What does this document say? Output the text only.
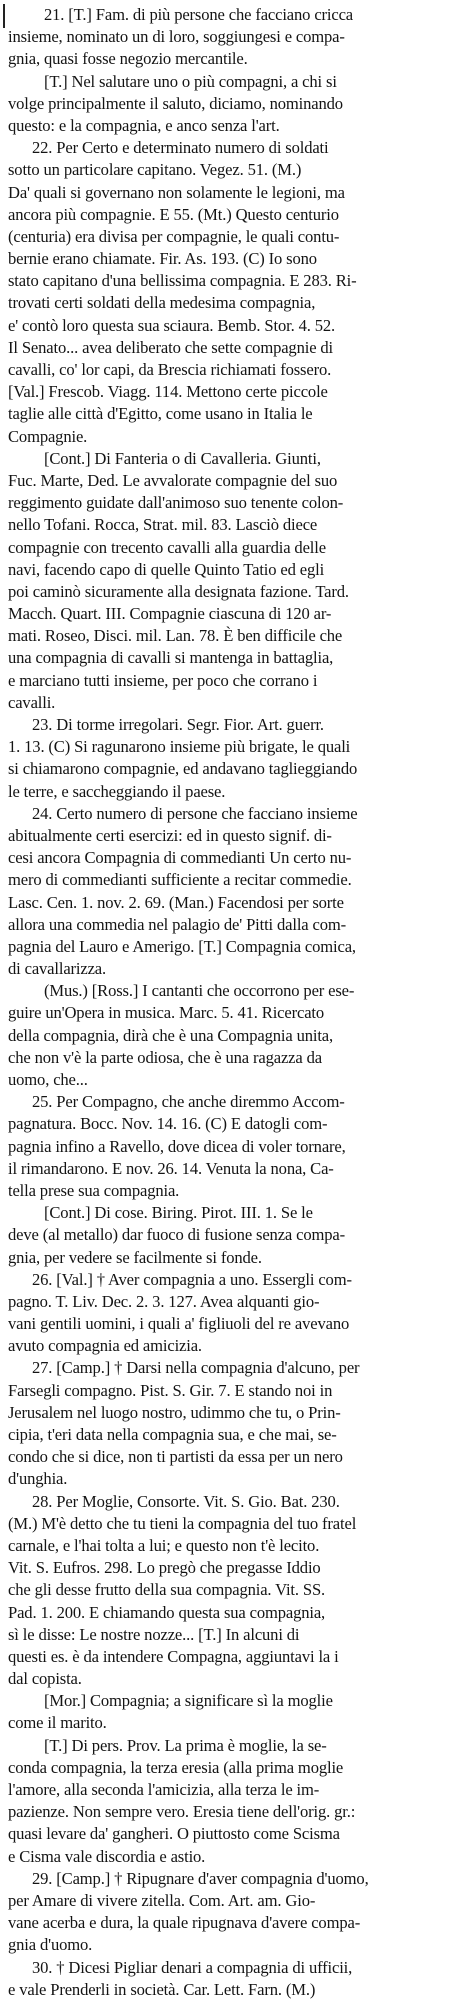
21. [T.] Fam. di più persone che facciano cricca
insieme, nominato un di loro, soggiungesi e compa-
gnia, quasi fosse negozio mercantile.
[T.] Nel salutare uno o più compagni, a chi si
volge principalmente il saluto, diciamo, nominando
questo: e la compagnia, e anco senza l'art.
22. Per Certo e determinato numero di soldati
sotto un particolare capitano. Vegez. 51. (M.)
Da' quali si governano non solamente le legioni, ma
ancora più compagnie. E 55. (Mt.) Questo centurio
(centuria) era divisa per compagnie, le quali contu-
bernie erano chiamate. Fir. As. 193. (C) Io sono
stato capitano d'una bellissima compagnia. E 283. Ri-
trovati certi soldati della medesima compagnia,
e' contò loro questa sua sciaura. Bemb. Stor. 4. 52.
Il Senato... avea deliberato che sette compagnie di
cavalli, co' lor capi, da Brescia richiamati fossero.
[Val.] Frescob. Viagg. 114. Mettono certe piccole
taglie alle città d'Egitto, come usano in Italia le
Compagnie.
[Cont.] Di Fanteria o di Cavalleria. Giunti,
Fuc. Marte, Ded. Le avvalorate compagnie del suo
reggimento guidate dall'animoso suo tenente colon-
nello Tofani. Rocca, Strat. mil. 83. Lasciò diece
compagnie con trecento cavalli alla guardia delle
navi, facendo capo di quelle Quinto Tatio ed egli
poi caminò sicuramente alla designata fazione. Tard.
Macch. Quart. III. Compagnie ciascuna di 120 ar-
mati. Roseo, Disci. mil. Lan. 78. È ben difficile che
una compagnia di cavalli si mantenga in battaglia,
e marciano tutti insieme, per poco che corrano i
cavalli.
23. Di torme irregolari. Segr. Fior. Art. guerr.
1. 13. (C) Si ragunarono insieme più brigate, le quali
si chiamarono compagnie, ed andavano taglieggiando
le terre, e saccheggiando il paese.
24. Certo numero di persone che facciano insieme
abitualmente certi esercizi: ed in questo signif. di-
cesi ancora Compagnia di commedianti Un certo nu-
mero di commedianti sufficiente a recitar commedie.
Lasc. Cen. 1. nov. 2. 69. (Man.) Facendosi per sorte
allora una commedia nel palagio de' Pitti dalla com-
pagnia del Lauro e Amerigo. [T.] Compagnia comica,
di cavallarizza.
(Mus.) [Ross.] I cantanti che occorrono per ese-
guire un'Opera in musica. Marc. 5. 41. Ricercato
della compagnia, dirà che è una Compagnia unita,
che non v'è la parte odiosa, che è una ragazza da
uomo, che...
25. Per Compagno, che anche diremmo Accom-
pagnatura. Bocc. Nov. 14. 16. (C) E datogli com-
pagnia infino a Ravello, dove dicea di voler tornare,
il rimandarono. E nov. 26. 14. Venuta la nona, Ca-
tella prese sua compagnia.
[Cont.] Di cose. Biring. Pirot. III. 1. Se le
deve (al metallo) dar fuoco di fusione senza compa-
gnia, per vedere se facilmente si fonde.
26. [Val.] † Aver compagnia a uno. Essergli com-
pagno. T. Liv. Dec. 2. 3. 127. Avea alquanti gio-
vani gentili uomini, i quali a' figliuoli del re avevano
avuto compagnia ed amicizia.
27. [Camp.] † Darsi nella compagnia d'alcuno, per
Farsegli compagno. Pist. S. Gir. 7. E stando noi in
Jerusalem nel luogo nostro, udimmo che tu, o Prin-
cipia, t'eri data nella compagnia sua, e che mai, se-
condo che si dice, non ti partisti da essa per un nero
d'unghia.
28. Per Moglie, Consorte. Vit. S. Gio. Bat. 230.
(M.) M'è detto che tu tieni la compagnia del tuo fratel
carnale, e l'hai tolta a lui; e questo non t'è lecito.
Vit. S. Eufros. 298. Lo pregò che pregasse Iddio
che gli desse frutto della sua compagnia. Vit. SS.
Pad. 1. 200. E chiamando questa sua compagnia,
sì le disse: Le nostre nozze... [T.] In alcuni di
questi es. è da intendere Compagna, aggiuntavi la i
dal copista.
[Mor.] Compagnia; a significare sì la moglie
come il marito.
[T.] Di pers. Prov. La prima è moglie, la se-
conda compagnia, la terza eresia (alla prima moglie
l'amore, alla seconda l'amicizia, alla terza le im-
pazienze. Non sempre vero. Eresia tiene dell'orig. gr.:
quasi levare da' gangheri. O piuttosto come Scisma
e Cisma vale discordia e astio.
29. [Camp.] † Ripugnare d'aver compagnia d'uomo,
per Amare di vivere zitella. Com. Art. am. Gio-
vane acerba e dura, la quale ripugnava d'avere compa-
gnia d'uomo.
30. † Dicesi Pigliar denari a compagnia di ufficii,
e vale Prenderli in società. Car. Lett. Farn. (M.)
